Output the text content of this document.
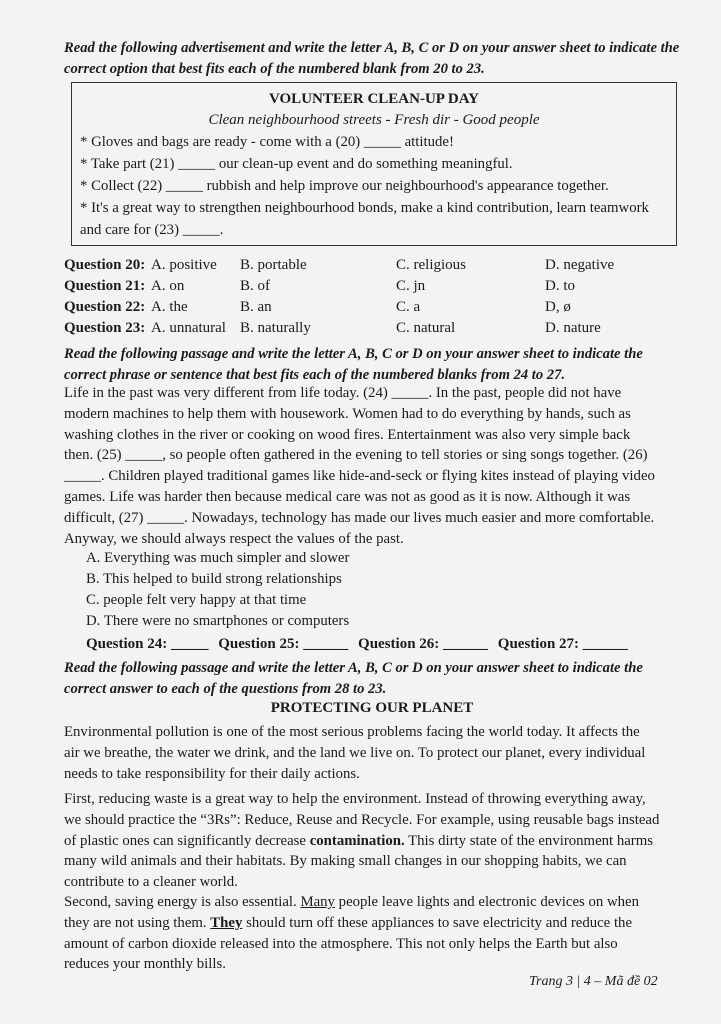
Read the following advertisement and write the letter A, B, C or D on your answer sheet to indicate the correct option that best fits each of the numbered blank from 20 to 23.
VOLUNTEER CLEAN-UP DAY
Clean neighbourhood streets - Fresh dir - Good people
* Gloves and bags are ready - come with a (20) _____ attitude!
* Take part (21) _____ our clean-up event and do something meaningful.
* Collect (22) _____ rubbish and help improve our neighbourhood's appearance together.
* It's a great way to strengthen neighbourhood bonds, make a kind contribution, learn teamwork
and care for (23) _____.
Question 20: A. positive B. portable	C. religious	D. negative
Question 21: A. on	B. of	C. jn	D. to
Question 22: A. the	B. an	C. a	D, ø
Question 23: A. unnatural B. naturally	C. natural	D. nature
Read the following passage and write the letter A, B, C or D on your answer sheet to indicate the correct phrase or sentence that best fits each of the numbered blanks from 24 to 27.
Life in the past was very different from life today. (24) _____. In the past, people did not have
modern machines to help them with housework. Women had to do everything by hands, such as
washing clothes in the river or cooking on wood fires. Entertainment was also very simple back
then. (25) _____, so people often gathered in the evening to tell stories or sing songs together. (26)
_____. Children played traditional games like hide-and-seck or flying kites instead of playing video
games. Life was harder then because medical care was not as good as it is now. Although it was
difficult, (27) _____. Nowadays, technology has made our lives much easier and more comfortable.
Anyway, we should always respect the values of the past.
A. Everything was much simpler and slower
B. This helped to build strong relationships
C. people felt very happy at that time
D. There were no smartphones or computers
Question 24: _____ Question 25: ______ Question 26: ______ Question 27: ______
Read the following passage and write the letter A, B, C or D on your answer sheet to indicate the correct answer to each of the questions from 28 to 23.
PROTECTING OUR PLANET
Environmental pollution is one of the most serious problems facing the world today. It affects the
air we breathe, the water we drink, and the land we live on. To protect our planet, every individual
needs to take responsibility for their daily actions.
First, reducing waste is a great way to help the environment. Instead of throwing everything away,
we should practice the “3Rs”: Reduce, Reuse and Recycle. For example, using reusable bags instead
of plastic ones can significantly decrease contamination. This dirty state of the environment harms
many wild animals and their habitats. By making small changes in our shopping habits, we can
contribute to a cleaner world.
Second, saving energy is also essential. Many people leave lights and electronic devices on when
they are not using them. They should turn off these appliances to save electricity and reduce the
amount of carbon dioxide released into the atmosphere. This not only helps the Earth but also
reduces your monthly bills.
Trang 3 | 4 – Mã đề 02
